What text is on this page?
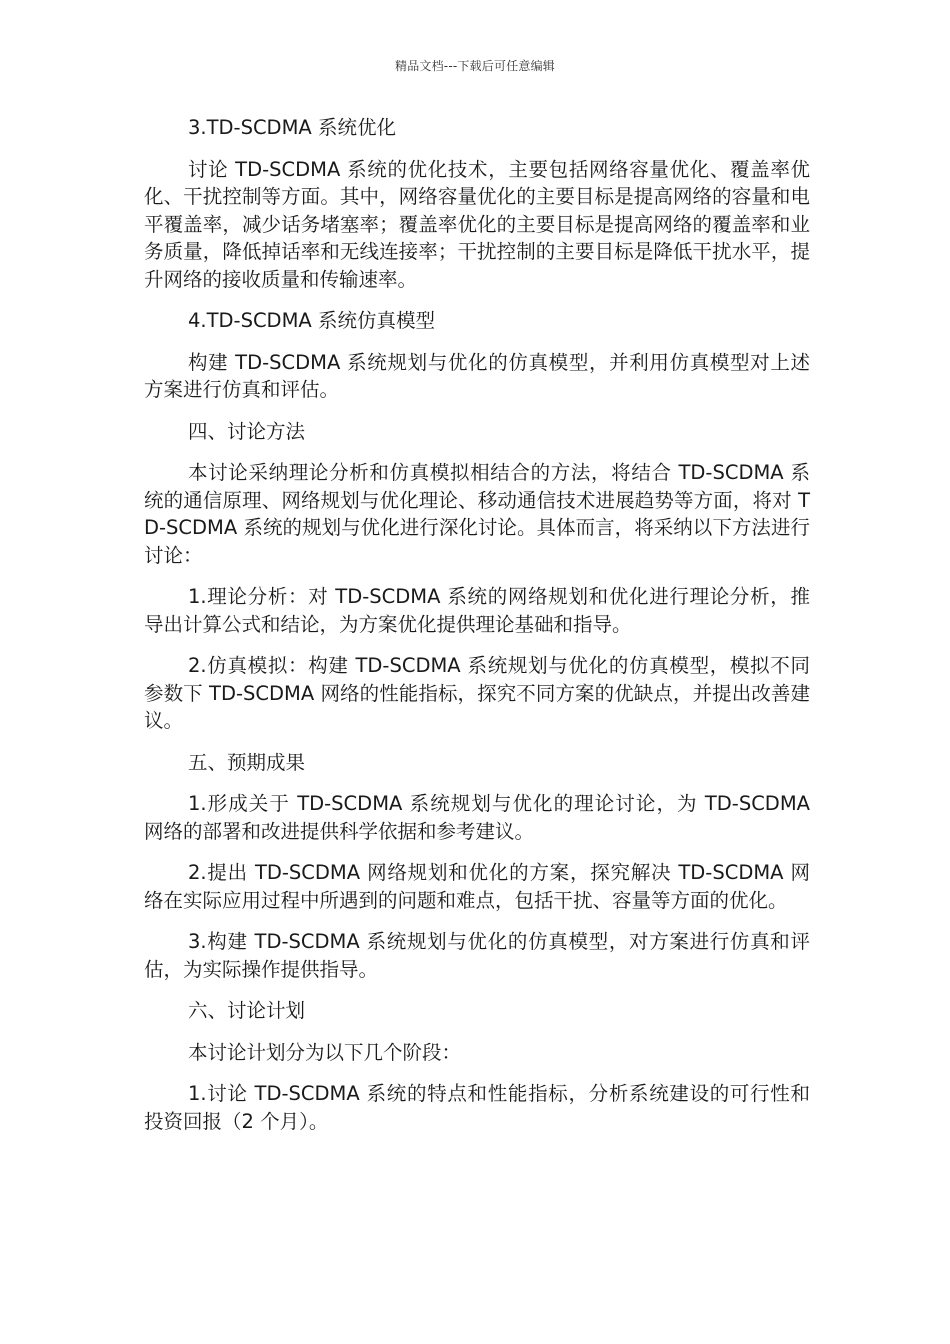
精品文档---下载后可任意编辑

3.TD-SCDMA 系统优化

讨论 TD-SCDMA 系统的优化技术，主要包括网络容量优化、覆盖率优化、干扰控制等方面。其中，网络容量优化的主要目标是提高网络的容量和电平覆盖率，减少话务堵塞率；覆盖率优化的主要目标是提高网络的覆盖率和业务质量，降低掉话率和无线连接率；干扰控制的主要目标是降低干扰水平，提升网络的接收质量和传输速率。

4.TD-SCDMA 系统仿真模型

构建 TD-SCDMA 系统规划与优化的仿真模型，并利用仿真模型对上述方案进行仿真和评估。

四、讨论方法

本讨论采纳理论分析和仿真模拟相结合的方法，将结合 TD-SCDMA 系统的通信原理、网络规划与优化理论、移动通信技术进展趋势等方面，将对 TD-SCDMA 系统的规划与优化进行深化讨论。具体而言，将采纳以下方法进行讨论：

1.理论分析：对 TD-SCDMA 系统的网络规划和优化进行理论分析，推导出计算公式和结论，为方案优化提供理论基础和指导。

2.仿真模拟：构建 TD-SCDMA 系统规划与优化的仿真模型，模拟不同参数下 TD-SCDMA 网络的性能指标，探究不同方案的优缺点，并提出改善建议。

五、预期成果

1.形成关于 TD-SCDMA 系统规划与优化的理论讨论，为 TD-SCDMA 网络的部署和改进提供科学依据和参考建议。

2.提出 TD-SCDMA 网络规划和优化的方案，探究解决 TD-SCDMA 网络在实际应用过程中所遇到的问题和难点，包括干扰、容量等方面的优化。

3.构建 TD-SCDMA 系统规划与优化的仿真模型，对方案进行仿真和评估，为实际操作提供指导。

六、讨论计划

本讨论计划分为以下几个阶段：

1.讨论 TD-SCDMA 系统的特点和性能指标，分析系统建设的可行性和投资回报（2 个月）。
